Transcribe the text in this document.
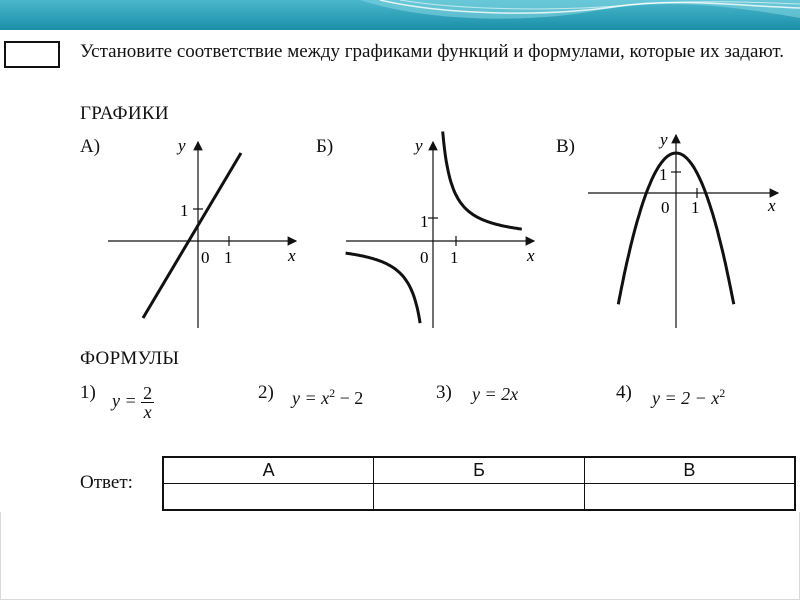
Установите соответствие между графиками функций и формулами, которые их задают.

ГРАФИКИ

А)	Б)	В)
y
x
0 1
1
y
x
0 1
1
y
x
0 1
1

ФОРМУЛЫ

1) $y = \frac{2}{x}$	2) $y = x^2 - 2$	3) y = 2x	4) $y = 2 - x^2$
Ответ:
А	Б	В
